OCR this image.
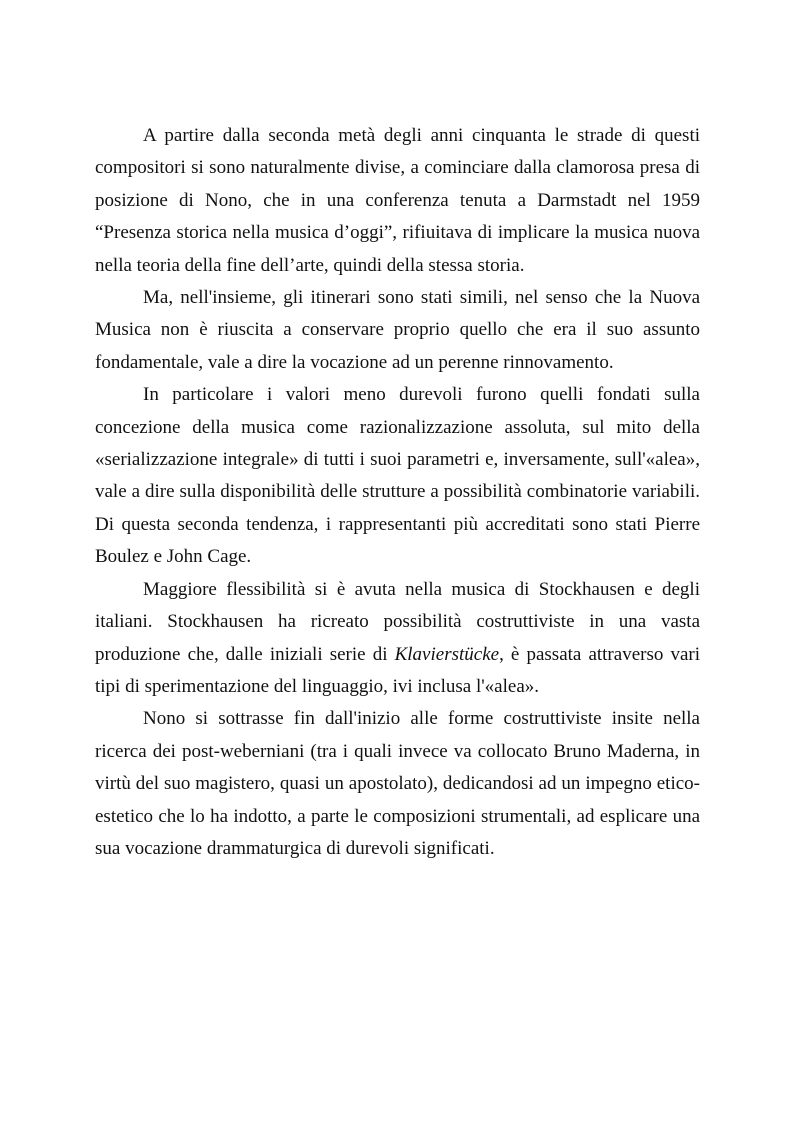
A partire dalla seconda metà degli anni cinquanta le strade di questi compositori si sono naturalmente divise, a cominciare dalla clamorosa presa di posizione di Nono, che in una conferenza tenuta a Darmstadt nel 1959 “Presenza storica nella musica d’oggi”, rifiuitava di implicare la musica nuova nella teoria della fine dell’arte, quindi della stessa storia.

Ma, nell'insieme, gli itinerari sono stati simili, nel senso che la Nuova Musica non è riuscita a conservare proprio quello che era il suo assunto fondamentale, vale a dire la vocazione ad un perenne rinnovamento.

In particolare i valori meno durevoli furono quelli fondati sulla concezione della musica come razionalizzazione assoluta, sul mito della «serializzazione integrale» di tutti i suoi parametri e, inversamente, sull'«alea», vale a dire sulla disponibilità delle strutture a possibilità combinatorie variabili. Di questa seconda tendenza, i rappresentanti più accreditati sono stati Pierre Boulez e John Cage.

Maggiore flessibilità si è avuta nella musica di Stockhausen e degli italiani. Stockhausen ha ricreato possibilità costruttiviste in una vasta produzione che, dalle iniziali serie di Klavierstücke, è passata attraverso vari tipi di sperimentazione del linguaggio, ivi inclusa l'«alea».

Nono si sottrasse fin dall'inizio alle forme costruttiviste insite nella ricerca dei post-weberniani (tra i quali invece va collocato Bruno Maderna, in virtù del suo magistero, quasi un apostolato), dedicandosi ad un impegno etico-estetico che lo ha indotto, a parte le composizioni strumentali, ad esplicare una sua vocazione drammaturgica di durevoli significati.
